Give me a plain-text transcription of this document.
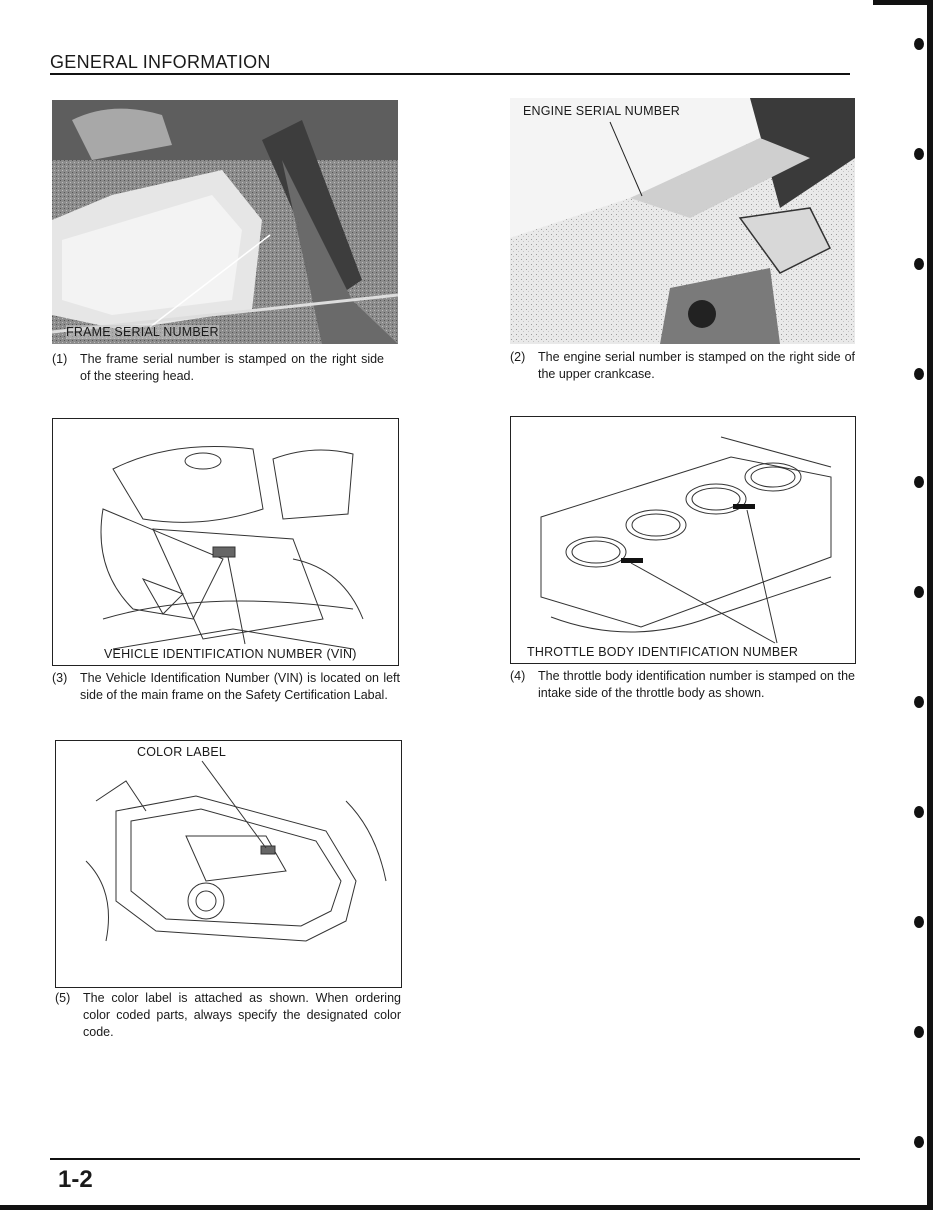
GENERAL INFORMATION
FRAME SERIAL NUMBER
(1) The frame serial number is stamped on the right side of the steering head.
ENGINE SERIAL NUMBER
(2) The engine serial number is stamped on the right side of the upper crankcase.
VEHICLE IDENTIFICATION NUMBER (VIN)
(3) The Vehicle Identification Number (VIN) is located on left side of the main frame on the Safety Certification Labal.
THROTTLE BODY IDENTIFICATION NUMBER
(4) The throttle body identification number is stamped on the intake side of the throttle body as shown.
COLOR LABEL
(5) The color label is attached as shown. When ordering color coded parts, always specify the designated color code.
1-2
